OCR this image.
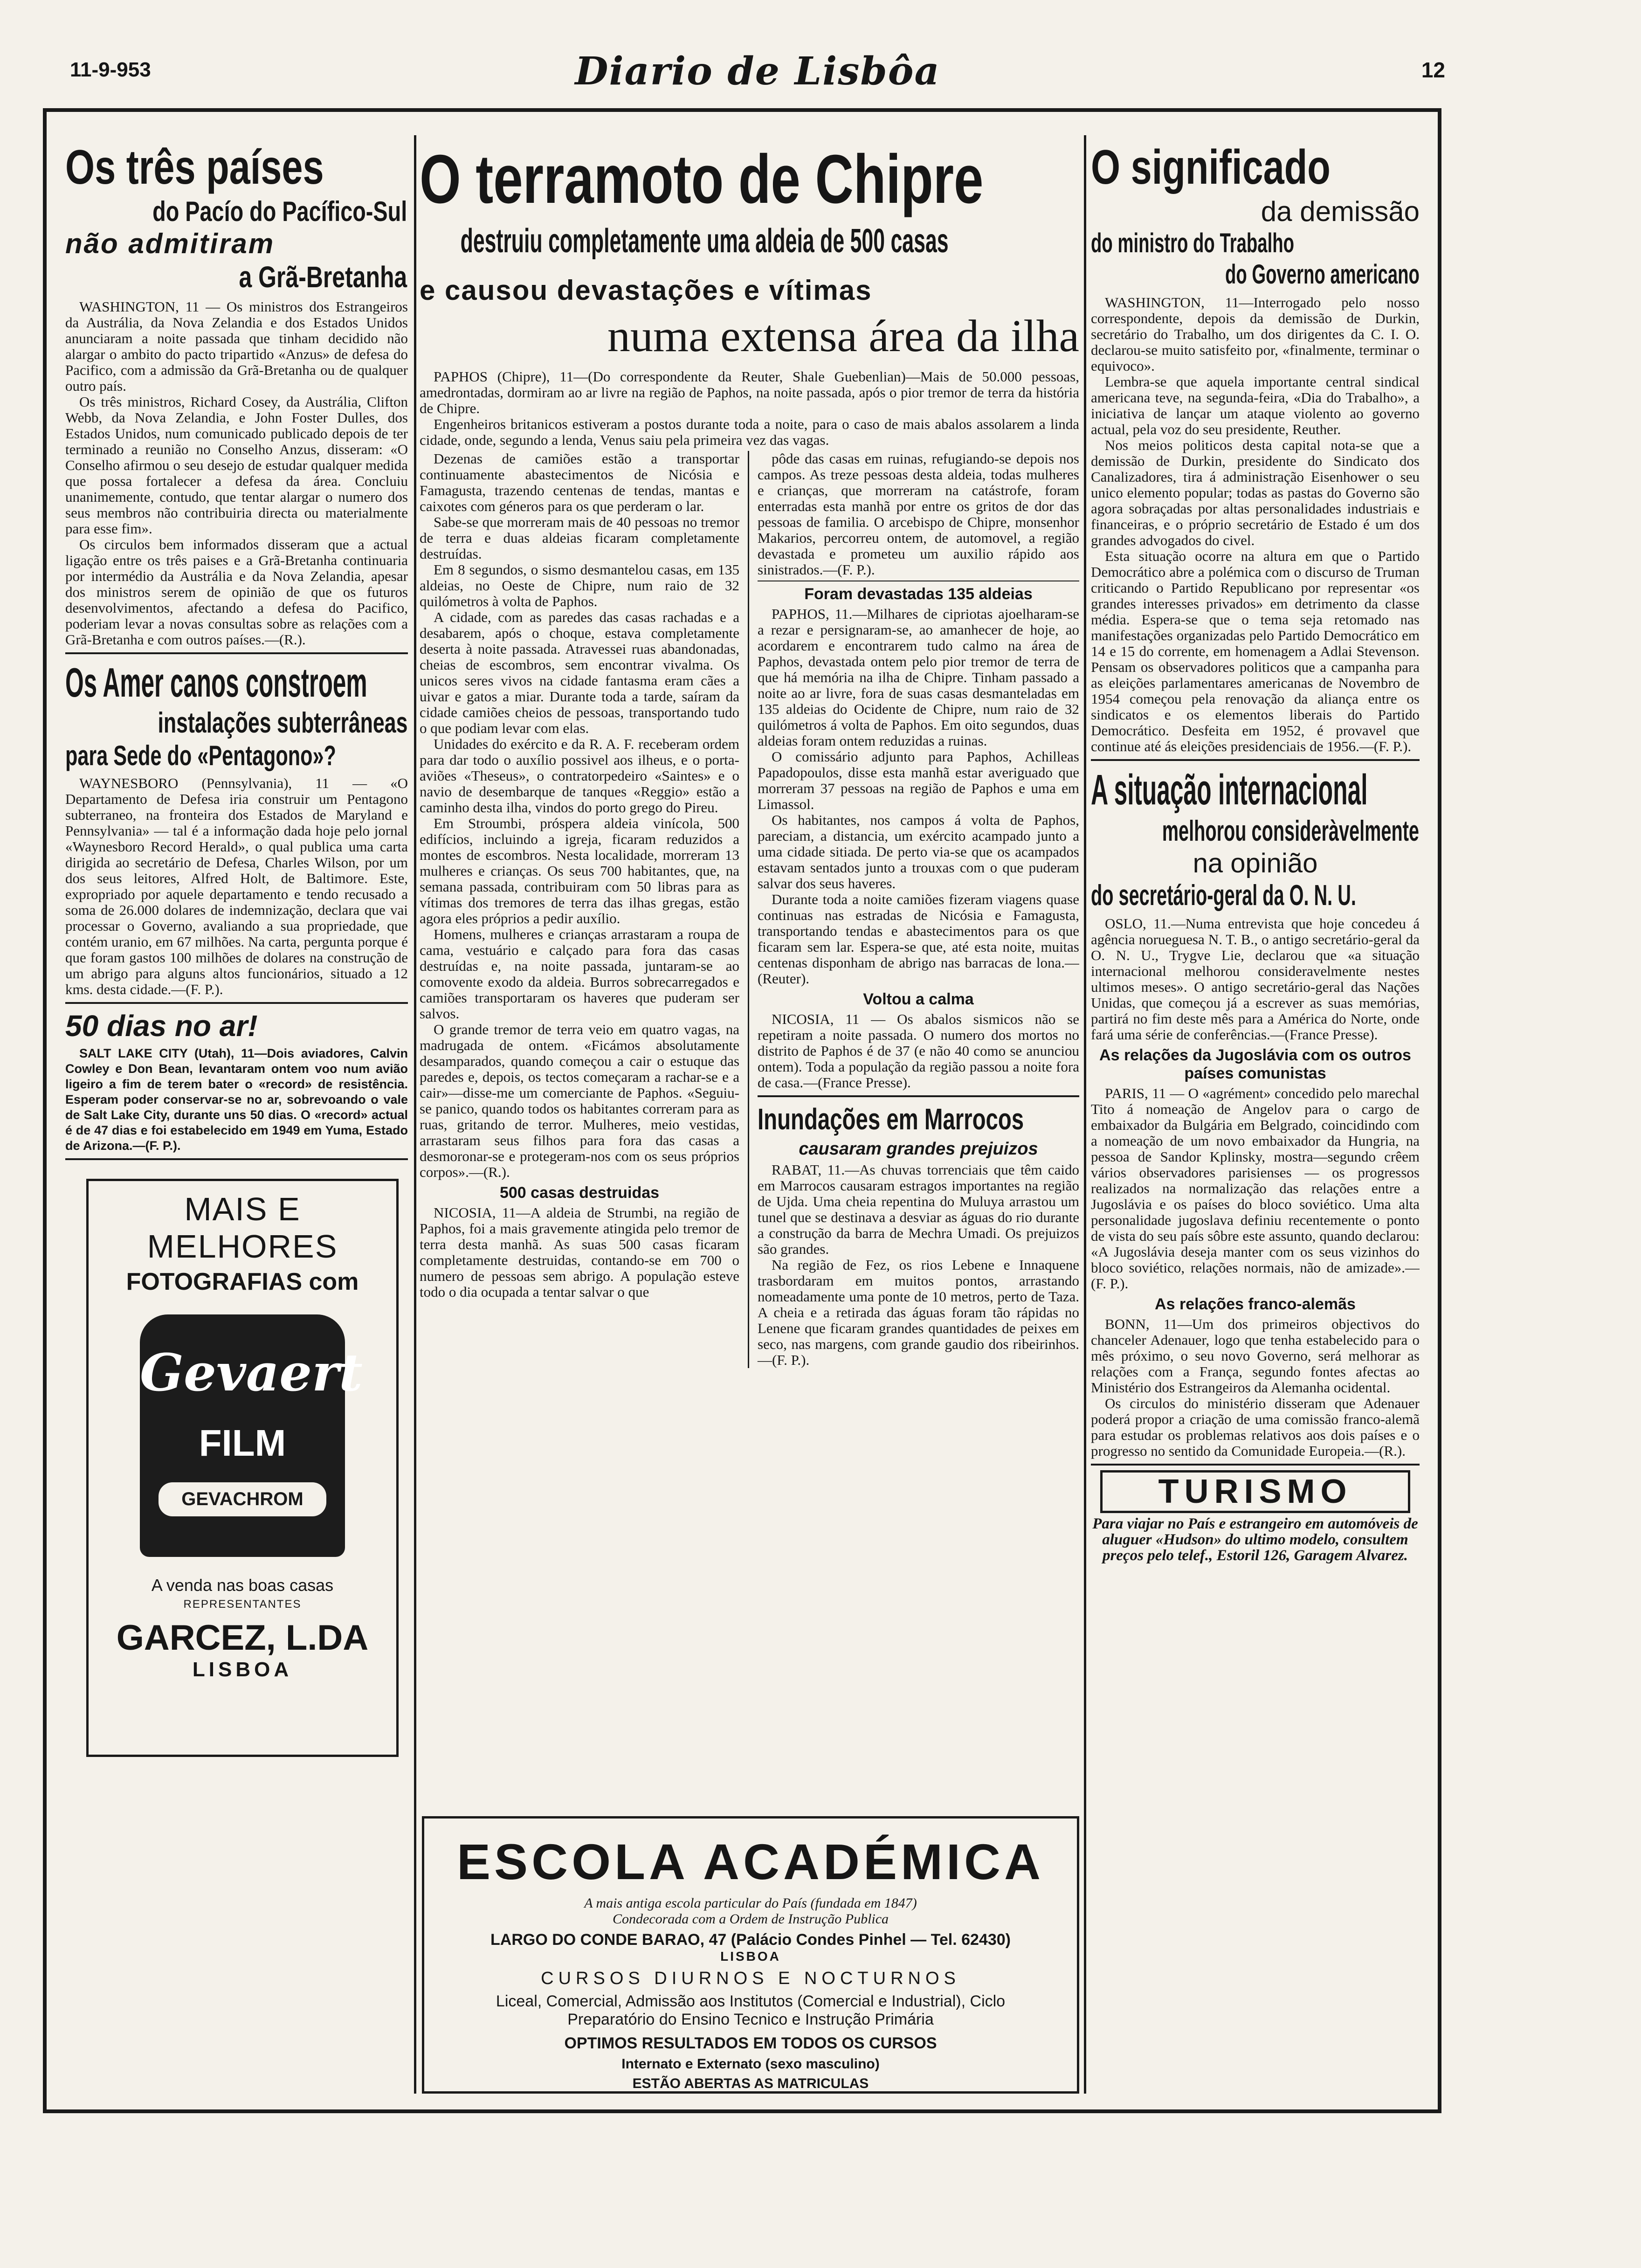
11-9-953	Diario de Lisbôa	12
Os três países
do Pacío do Pacífico-Sul
não admitiram
a Grã-Bretanha

WASHINGTON, 11 — Os ministros dos Estrangeiros da Austrália, da Nova Zelandia e dos Estados Unidos anunciaram a noite passada que tinham decidido não alargar o ambito do pacto tripartido «Anzus» de defesa do Pacifico, com a admissão da Grã-Bretanha ou de qualquer outro país.

Os três ministros, Richard Cosey, da Austrália, Clifton Webb, da Nova Zelandia, e John Foster Dulles, dos Estados Unidos, num comunicado publicado depois de ter terminado a reunião no Conselho Anzus, disseram: «O Conselho afirmou o seu desejo de estudar qualquer medida que possa fortalecer a defesa da área. Concluiu unanimemente, contudo, que tentar alargar o numero dos seus membros não contribuiria directa ou materialmente para esse fim».

Os circulos bem informados disseram que a actual ligação entre os três paises e a Grã-Bretanha continuaria por intermédio da Austrália e da Nova Zelandia, apesar dos ministros serem de opinião de que os futuros desenvolvimentos, afectando a defesa do Pacifico, poderiam levar a novas consultas sobre as relações com a Grã-Bretanha e com outros países.—(R.).

Os Amer canos constroem
instalações subterrâneas
para Sede do «Pentagono»?

WAYNESBORO (Pennsylvania), 11 — «O Departamento de Defesa iria construir um Pentagono subterraneo, na fronteira dos Estados de Maryland e Pennsylvania» — tal é a informação dada hoje pelo jornal «Waynesboro Record Herald», o qual publica uma carta dirigida ao secretário de Defesa, Charles Wilson, por um dos seus leitores, Alfred Holt, de Baltimore. Este, expropriado por aquele departamento e tendo recusado a soma de 26.000 dolares de indemnização, declara que vai processar o Governo, avaliando a sua propriedade, que contém uranio, em 67 milhões. Na carta, pergunta porque é que foram gastos 100 milhões de dolares na construção de um abrigo para alguns altos funcionários, situado a 12 kms. desta cidade.—(F. P.).

50 dias no ar!

SALT LAKE CITY (Utah), 11—Dois aviadores, Calvin Cowley e Don Bean, levantaram ontem voo num avião ligeiro a fim de terem bater o «record» de resistência. Esperam poder conservar-se no ar, sobrevoando o vale de Salt Lake City, durante uns 50 dias. O «record» actual é de 47 dias e foi estabelecido em 1949 em Yuma, Estado de Arizona.—(F. P.).

MAIS E MELHORES
FOTOGRAFIAS com
Gevaert
FILM
GEVACHROM
A venda nas boas casas
REPRESENTANTES
GARCEZ, L.DA
LISBOA
O terramoto de Chipre
destruiu completamente uma aldeia de 500 casas
e causou devastações e vítimas
numa extensa área da ilha

PAPHOS (Chipre), 11—(Do correspondente da Reuter, Shale Guebenlian)—Mais de 50.000 pessoas, amedrontadas, dormiram ao ar livre na região de Paphos, na noite passada, após o pior tremor de terra da história de Chipre.

Engenheiros britanicos estiveram a postos durante toda a noite, para o caso de mais abalos assolarem a linda cidade, onde, segundo a lenda, Venus saiu pela primeira vez das vagas.

Dezenas de camiões estão a transportar continuamente abastecimentos de Nicósia e Famagusta, trazendo centenas de tendas, mantas e caixotes com géneros para os que perderam o lar.

Sabe-se que morreram mais de 40 pessoas no tremor de terra e duas aldeias ficaram completamente destruídas.

Em 8 segundos, o sismo desmantelou casas, em 135 aldeias, no Oeste de Chipre, num raio de 32 quilómetros à volta de Paphos.

A cidade, com as paredes das casas rachadas e a desabarem, após o choque, estava completamente deserta à noite passada. Atravessei ruas abandonadas, cheias de escombros, sem encontrar vivalma. Os unicos seres vivos na cidade fantasma eram cães a uivar e gatos a miar. Durante toda a tarde, saíram da cidade camiões cheios de pessoas, transportando tudo o que podiam levar com elas.

Unidades do exército e da R. A. F. receberam ordem para dar todo o auxílio possivel aos ilheus, e o porta-aviões «Theseus», o contratorpedeiro «Saintes» e o navio de desembarque de tanques «Reggio» estão a caminho desta ilha, vindos do porto grego do Pireu.

Em Stroumbi, próspera aldeia vinícola, 500 edifícios, incluindo a igreja, ficaram reduzidos a montes de escombros. Nesta localidade, morreram 13 mulheres e crianças. Os seus 700 habitantes, que, na semana passada, contribuiram com 50 libras para as vítimas dos tremores de terra das ilhas gregas, estão agora eles próprios a pedir auxílio.

Homens, mulheres e crianças arrastaram a roupa de cama, vestuário e calçado para fora das casas destruídas e, na noite passada, juntaram-se ao comovente exodo da aldeia. Burros sobrecarregados e camiões transportaram os haveres que puderam ser salvos.

O grande tremor de terra veio em quatro vagas, na madrugada de ontem. «Ficámos absolutamente desamparados, quando começou a cair o estuque das paredes e, depois, os tectos começaram a rachar-se e a cair»—disse-me um comerciante de Paphos. «Seguiu-se panico, quando todos os habitantes correram para as ruas, gritando de terror. Mulheres, meio vestidas, arrastaram seus filhos para fora das casas a desmoronar-se e protegeram-nos com os seus próprios corpos».—(R.).

500 casas destruidas

NICOSIA, 11—A aldeia de Strumbi, na região de Paphos, foi a mais gravemente atingida pelo tremor de terra desta manhã. As suas 500 casas ficaram completamente destruidas, contando-se em 700 o numero de pessoas sem abrigo. A população esteve todo o dia ocupada a tentar salvar o que

pôde das casas em ruinas, refugiando-se depois nos campos. As treze pessoas desta aldeia, todas mulheres e crianças, que morreram na catástrofe, foram enterradas esta manhã por entre os gritos de dor das pessoas de familia. O arcebispo de Chipre, monsenhor Makarios, percorreu ontem, de automovel, a região devastada e prometeu um auxilio rápido aos sinistrados.—(F. P.).

Foram devastadas 135 aldeias

PAPHOS, 11.—Milhares de cipriotas ajoelharam-se a rezar e persignaram-se, ao amanhecer de hoje, ao acordarem e encontrarem tudo calmo na área de Paphos, devastada ontem pelo pior tremor de terra de que há memória na ilha de Chipre. Tinham passado a noite ao ar livre, fora de suas casas desmanteladas em 135 aldeias do Ocidente de Chipre, num raio de 32 quilómetros á volta de Paphos. Em oito segundos, duas aldeias foram ontem reduzidas a ruinas.

O comissário adjunto para Paphos, Achilleas Papadopoulos, disse esta manhã estar averiguado que morreram 37 pessoas na região de Paphos e uma em Limassol.

Os habitantes, nos campos á volta de Paphos, pareciam, a distancia, um exército acampado junto a uma cidade sitiada. De perto via-se que os acampados estavam sentados junto a trouxas com o que puderam salvar dos seus haveres.

Durante toda a noite camiões fizeram viagens quase continuas nas estradas de Nicósia e Famagusta, transportando tendas e abastecimentos para os que ficaram sem lar. Espera-se que, até esta noite, muitas centenas disponham de abrigo nas barracas de lona.—(Reuter).

Voltou a calma

NICOSIA, 11 — Os abalos sismicos não se repetiram a noite passada. O numero dos mortos no distrito de Paphos é de 37 (e não 40 como se anunciou ontem). Toda a população da região passou a noite fora de casa.—(France Presse).

Inundações em Marrocos
causaram grandes prejuizos

RABAT, 11.—As chuvas torrenciais que têm caido em Marrocos causaram estragos importantes na região de Ujda. Uma cheia repentina do Muluya arrastou um tunel que se destinava a desviar as águas do rio durante a construção da barra de Mechra Umadi. Os prejuizos são grandes.

Na região de Fez, os rios Lebene e Innaquene trasbordaram em muitos pontos, arrastando nomeadamente uma ponte de 10 metros, perto de Taza. A cheia e a retirada das águas foram tão rápidas no Lenene que ficaram grandes quantidades de peixes em seco, nas margens, com grande gaudio dos ribeirinhos.—(F. P.).

ESCOLA ACADÉMICA
A mais antiga escola particular do País (fundada em 1847)
Condecorada com a Ordem de Instrução Publica
LARGO DO CONDE BARAO, 47 (Palácio Condes Pinhel — Tel. 62430)
LISBOA
CURSOS DIURNOS E NOCTURNOS
Liceal, Comercial, Admissão aos Institutos (Comercial e Industrial), Ciclo Preparatório do Ensino Tecnico e Instrução Primária
OPTIMOS RESULTADOS EM TODOS OS CURSOS
Internato e Externato (sexo masculino)
ESTÃO ABERTAS AS MATRICULAS
O significado
da demissão
do ministro do Trabalho
do Governo americano

WASHINGTON, 11—Interrogado pelo nosso correspondente, depois da demissão de Durkin, secretário do Trabalho, um dos dirigentes da C. I. O. declarou-se muito satisfeito por, «finalmente, terminar o equivoco».

Lembra-se que aquela importante central sindical americana teve, na segunda-feira, «Dia do Trabalho», a iniciativa de lançar um ataque violento ao governo actual, pela voz do seu presidente, Reuther.

Nos meios politicos desta capital nota-se que a demissão de Durkin, presidente do Sindicato dos Canalizadores, tira á administração Eisenhower o seu unico elemento popular; todas as pastas do Governo são agora sobraçadas por altas personalidades industriais e financeiras, e o próprio secretário de Estado é um dos grandes advogados do civel.

Esta situação ocorre na altura em que o Partido Democrático abre a polémica com o discurso de Truman criticando o Partido Republicano por representar «os grandes interesses privados» em detrimento da classe média. Espera-se que o tema seja retomado nas manifestações organizadas pelo Partido Democrático em 14 e 15 do corrente, em homenagem a Adlai Stevenson. Pensam os observadores politicos que a campanha para as eleições parlamentares americanas de Novembro de 1954 começou pela renovação da aliança entre os sindicatos e os elementos liberais do Partido Democrático. Desfeita em 1952, é provavel que continue até ás eleições presidenciais de 1956.—(F. P.).

A situação internacional
melhorou consideràvelmente
na opinião
do secretário-geral da O. N. U.

OSLO, 11.—Numa entrevista que hoje concedeu á agência norueguesa N. T. B., o antigo secretário-geral da O. N. U., Trygve Lie, declarou que «a situação internacional melhorou consideravelmente nestes ultimos meses». O antigo secretário-geral das Nações Unidas, que começou já a escrever as suas memórias, partirá no fim deste mês para a América do Norte, onde fará uma série de conferências.—(France Presse).

As relações da Jugoslávia com os outros países comunistas

PARIS, 11 — O «agrément» concedido pelo marechal Tito á nomeação de Angelov para o cargo de embaixador da Bulgária em Belgrado, coincidindo com a nomeação de um novo embaixador da Hungria, na pessoa de Sandor Kplinsky, mostra—segundo crêem vários observadores parisienses — os progressos realizados na normalização das relações entre a Jugoslávia e os países do bloco soviético. Uma alta personalidade jugoslava definiu recentemente o ponto de vista do seu país sôbre este assunto, quando declarou: «A Jugoslávia deseja manter com os seus vizinhos do bloco soviético, relações normais, não de amizade».—(F. P.).

As relações franco-alemãs

BONN, 11—Um dos primeiros objectivos do chanceler Adenauer, logo que tenha estabelecido para o mês próximo, o seu novo Governo, será melhorar as relações com a França, segundo fontes afectas ao Ministério dos Estrangeiros da Alemanha ocidental.

Os circulos do ministério disseram que Adenauer poderá propor a criação de uma comissão franco-alemã para estudar os problemas relativos aos dois países e o progresso no sentido da Comunidade Europeia.—(R.).

TURISMO

Para viajar no País e estrangeiro em automóveis de aluguer «Hudson» do ultimo modelo, consultem preços pelo telef., Estoril 126, Garagem Alvarez.
